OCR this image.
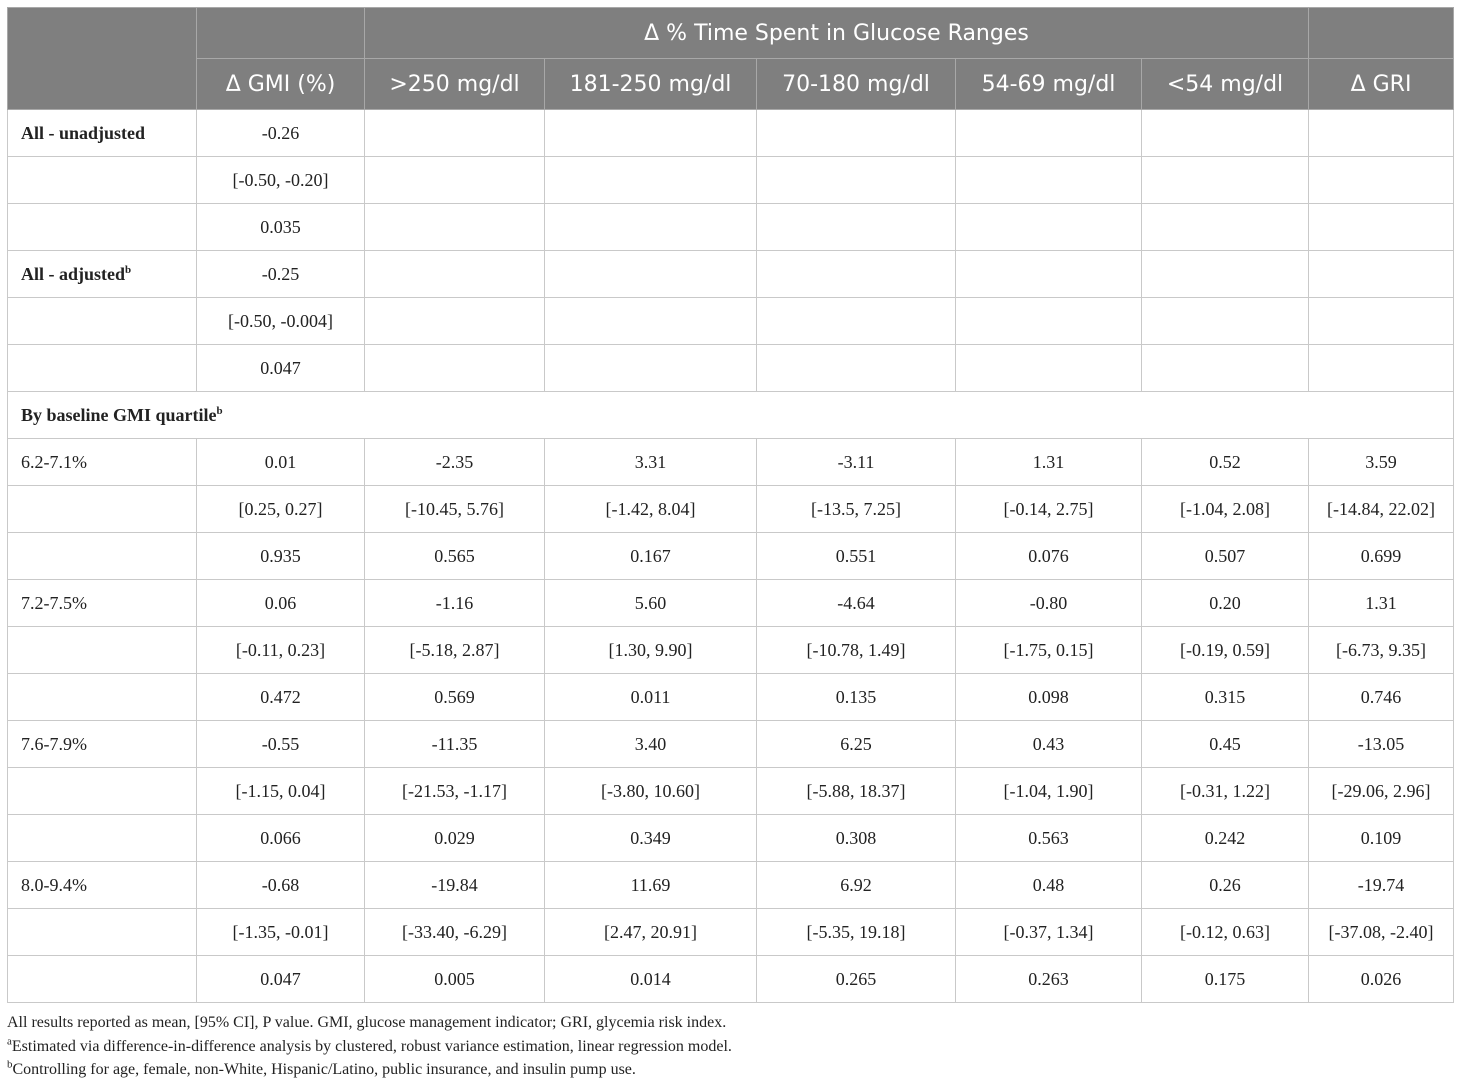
		Δ % Time Spent in Glucose Ranges					
	Δ GMI (%)	>250 mg/dl	181-250 mg/dl	70-180 mg/dl	54-69 mg/dl	<54 mg/dl	Δ GRI
All - unadjusted	-0.26						
	[-0.50, -0.20]						
	0.035						
All - adjusted$^b$	-0.25						
	[-0.50, -0.004]						
	0.047						
By baseline GMI quartile$^b$
6.2-7.1%	0.01	-2.35	3.31	-3.11	1.31	0.52	3.59
	[0.25, 0.27]	[-10.45, 5.76]	[-1.42, 8.04]	[-13.5, 7.25]	[-0.14, 2.75]	[-1.04, 2.08]	[-14.84, 22.02]
	0.935	0.565	0.167	0.551	0.076	0.507	0.699
7.2-7.5%	0.06	-1.16	5.60	-4.64	-0.80	0.20	1.31
	[-0.11, 0.23]	[-5.18, 2.87]	[1.30, 9.90]	[-10.78, 1.49]	[-1.75, 0.15]	[-0.19, 0.59]	[-6.73, 9.35]
	0.472	0.569	0.011	0.135	0.098	0.315	0.746
7.6-7.9%	-0.55	-11.35	3.40	6.25	0.43	0.45	-13.05
	[-1.15, 0.04]	[-21.53, -1.17]	[-3.80, 10.60]	[-5.88, 18.37]	[-1.04, 1.90]	[-0.31, 1.22]	[-29.06, 2.96]
	0.066	0.029	0.349	0.308	0.563	0.242	0.109
8.0-9.4%	-0.68	-19.84	11.69	6.92	0.48	0.26	-19.74
	[-1.35, -0.01]	[-33.40, -6.29]	[2.47, 20.91]	[-5.35, 19.18]	[-0.37, 1.34]	[-0.12, 0.63]	[-37.08, -2.40]
	0.047	0.005	0.014	0.265	0.263	0.175	0.026
All results reported as mean, [95% CI], P value. GMI, glucose management indicator; GRI, glycemia risk index.
$^a$Estimated via difference-in-difference analysis by clustered, robust variance estimation, linear regression model.
$^b$Controlling for age, female, non-White, Hispanic/Latino, public insurance, and insulin pump use.
